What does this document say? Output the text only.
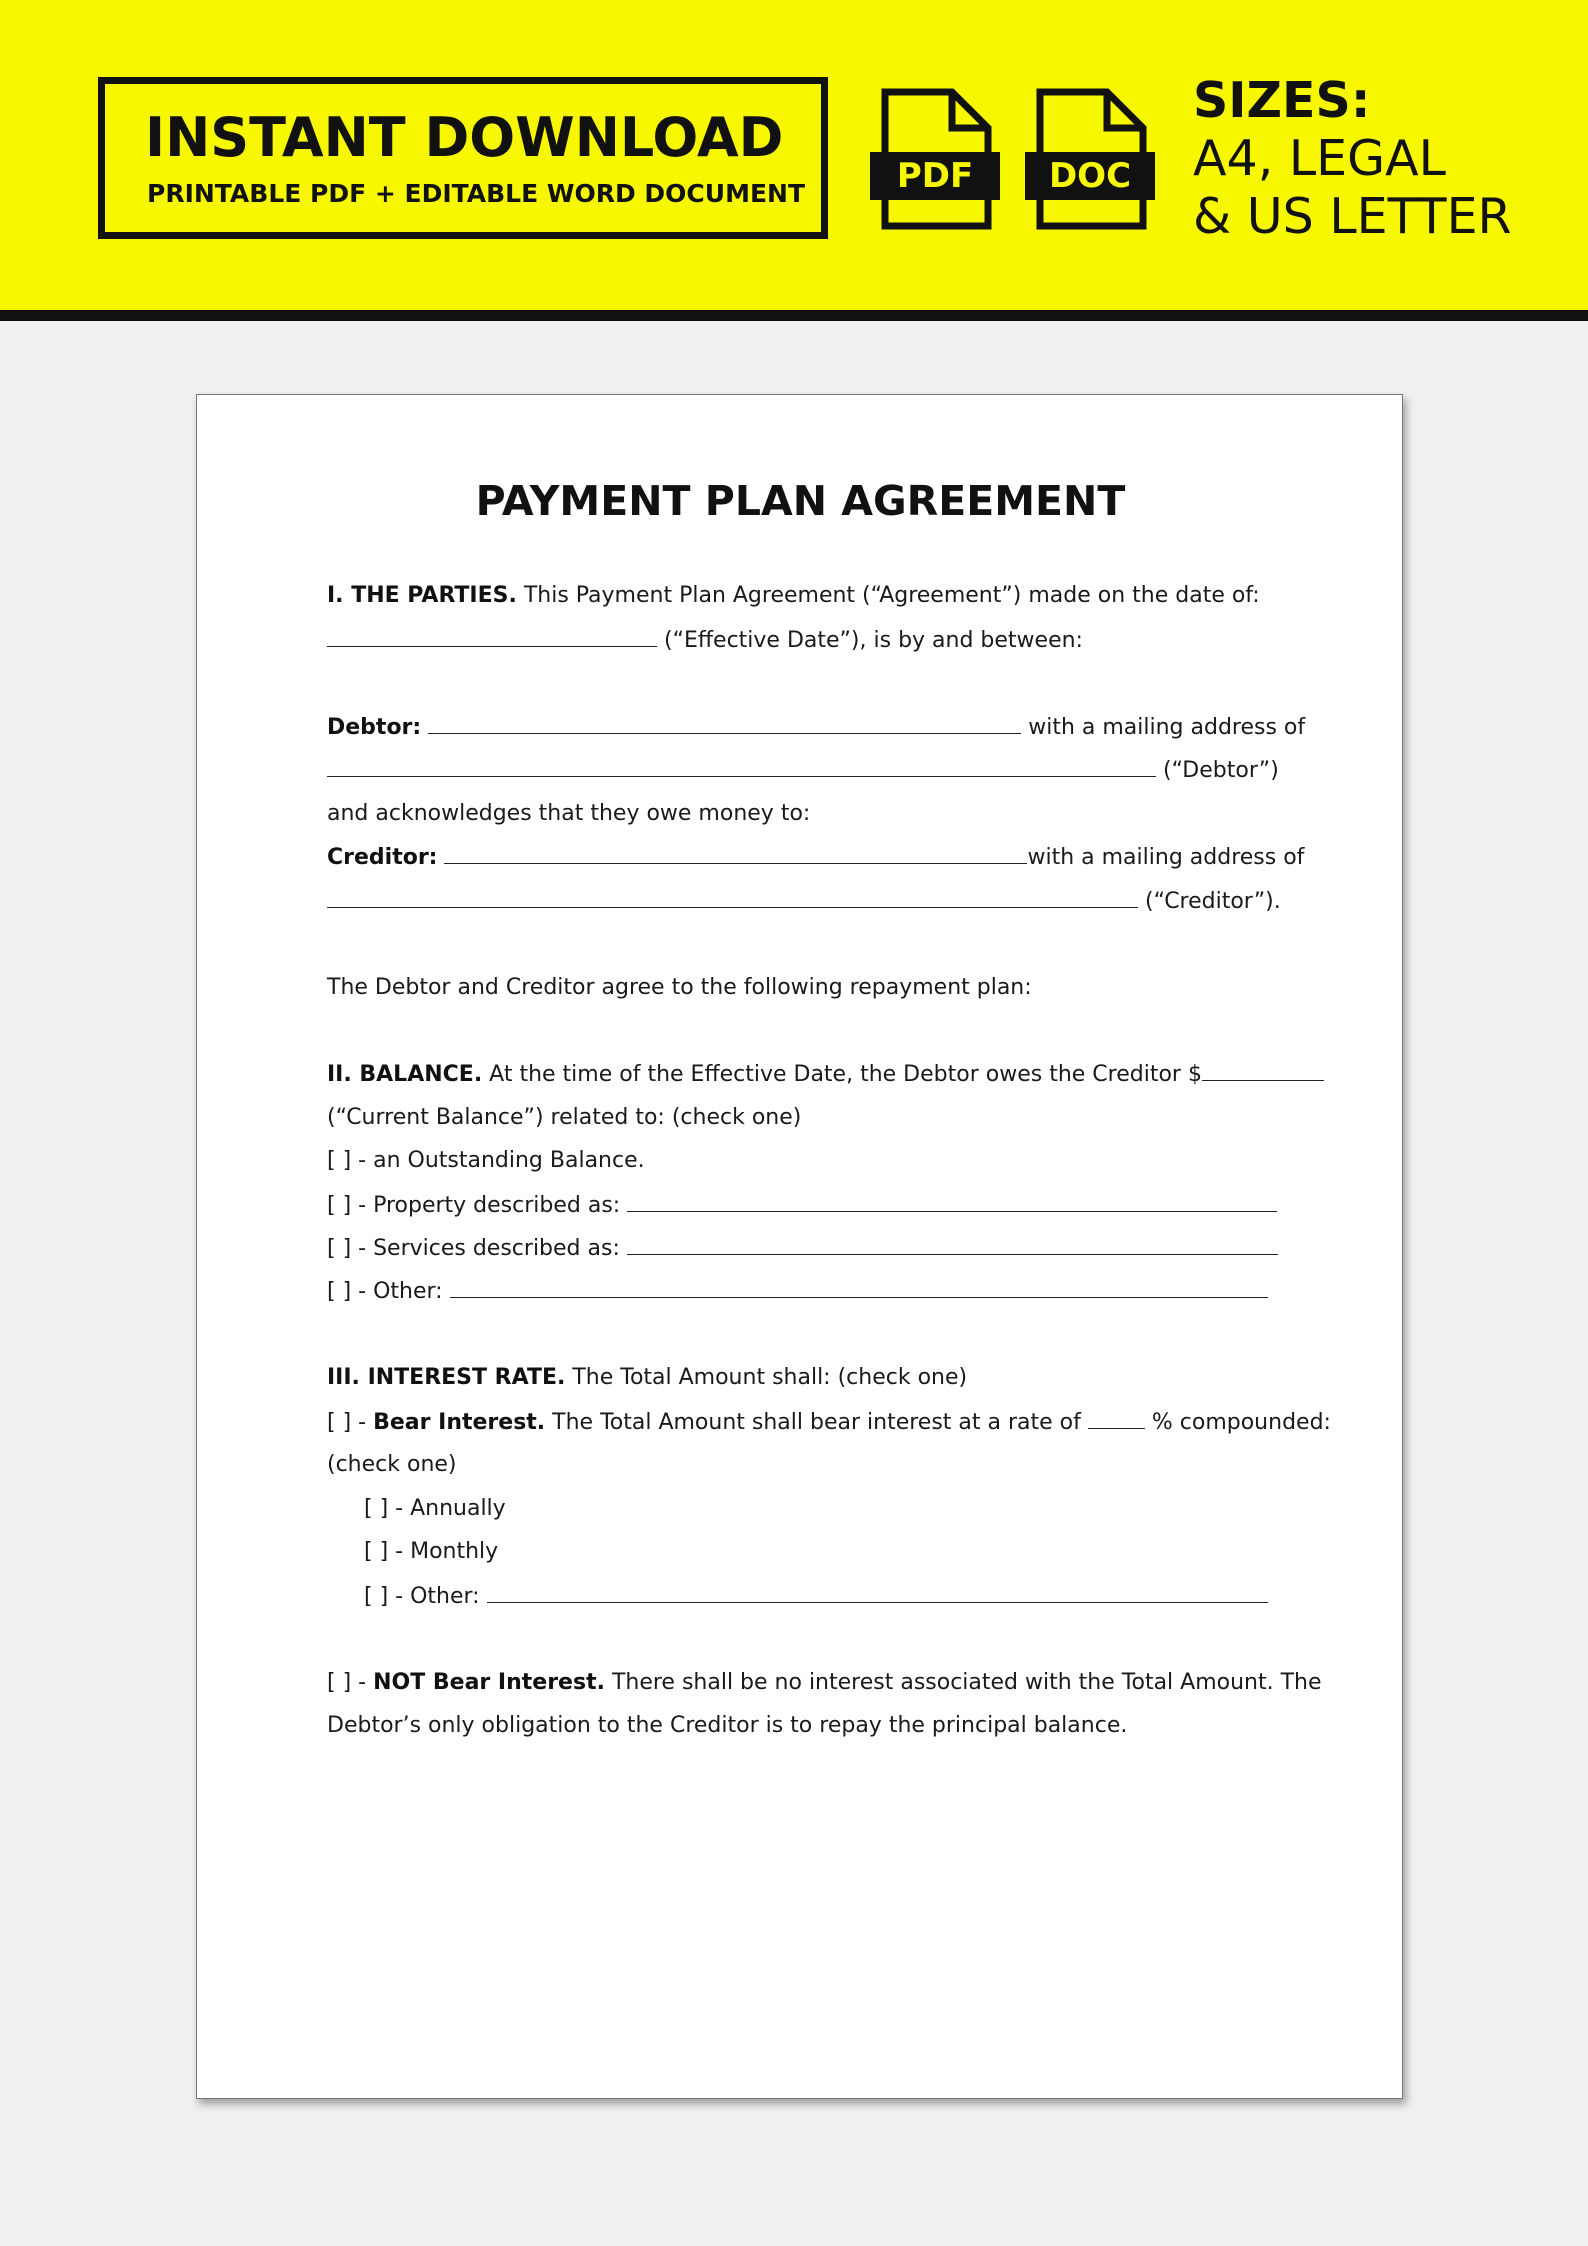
INSTANT DOWNLOAD
PRINTABLE PDF + EDITABLE WORD DOCUMENT	PDF	DOC
SIZES:
A4, LEGAL
& US LETTER
PAYMENT PLAN AGREEMENT
I. THE PARTIES. This Payment Plan Agreement (“Agreement”) made on the date of:
(“Effective Date”), is by and between:
Debtor:	with a mailing address of
(“Debtor”)
and acknowledges that they owe money to:
Creditor:	with a mailing address of
(“Creditor”).
The Debtor and Creditor agree to the following repayment plan:
II. BALANCE. At the time of the Effective Date, the Debtor owes the Creditor $
(“Current Balance”) related to: (check one)
[ ] - an Outstanding Balance.
[ ] - Property described as:
[ ] - Services described as:
[ ] - Other:
III. INTEREST RATE. The Total Amount shall: (check one)
[ ] - Bear Interest. The Total Amount shall bear interest at a rate of	% compounded:
(check one)
[ ] - Annually
[ ] - Monthly
[ ] - Other:
[ ] - NOT Bear Interest. There shall be no interest associated with the Total Amount. The
Debtor’s only obligation to the Creditor is to repay the principal balance.
